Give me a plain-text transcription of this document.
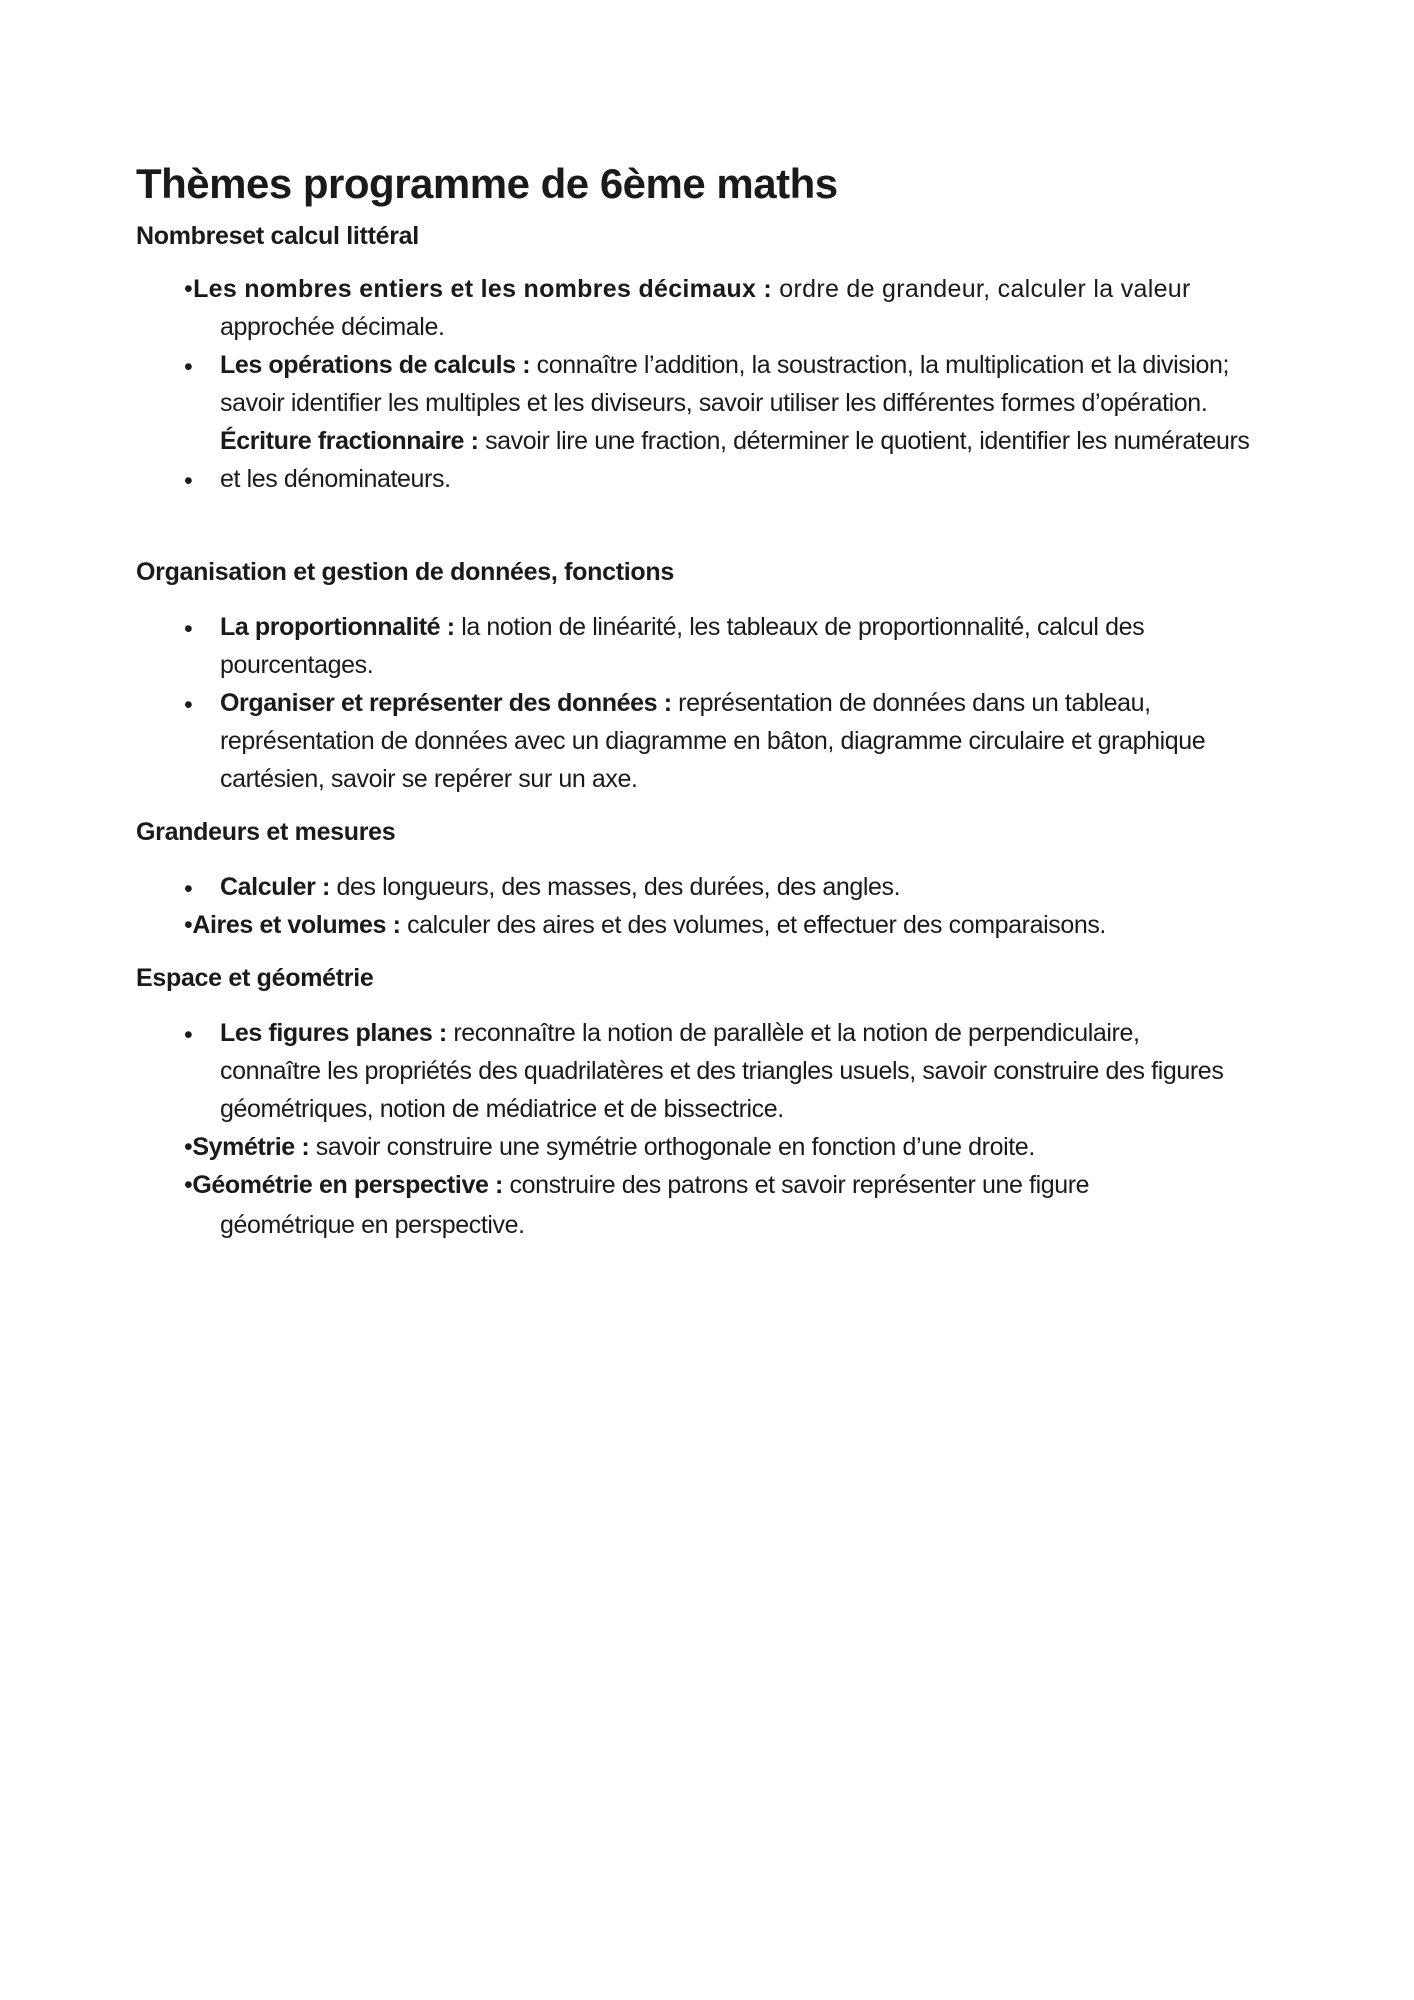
Thèmes programme de 6ème maths
Nombreset calcul littéral
•Les nombres entiers et les nombres décimaux : ordre de grandeur, calculer la valeur
approchée décimale.
• Les opérations de calculs : connaître l’addition, la soustraction, la multiplication et la division;
savoir identifier les multiples et les diviseurs, savoir utiliser les différentes formes d’opération.
Écriture fractionnaire : savoir lire une fraction, déterminer le quotient, identifier les numérateurs
• et les dénominateurs.
Organisation et gestion de données, fonctions
• La proportionnalité : la notion de linéarité, les tableaux de proportionnalité, calcul des
pourcentages.
• Organiser et représenter des données : représentation de données dans un tableau,
représentation de données avec un diagramme en bâton, diagramme circulaire et graphique
cartésien, savoir se repérer sur un axe.
Grandeurs et mesures
• Calculer : des longueurs, des masses, des durées, des angles.
•Aires et volumes : calculer des aires et des volumes, et effectuer des comparaisons.
Espace et géométrie
• Les figures planes : reconnaître la notion de parallèle et la notion de perpendiculaire,
connaître les propriétés des quadrilatères et des triangles usuels, savoir construire des figures
géométriques, notion de médiatrice et de bissectrice.
•Symétrie : savoir construire une symétrie orthogonale en fonction d’une droite.
•Géométrie en perspective : construire des patrons et savoir représenter une figure
géométrique en perspective.
